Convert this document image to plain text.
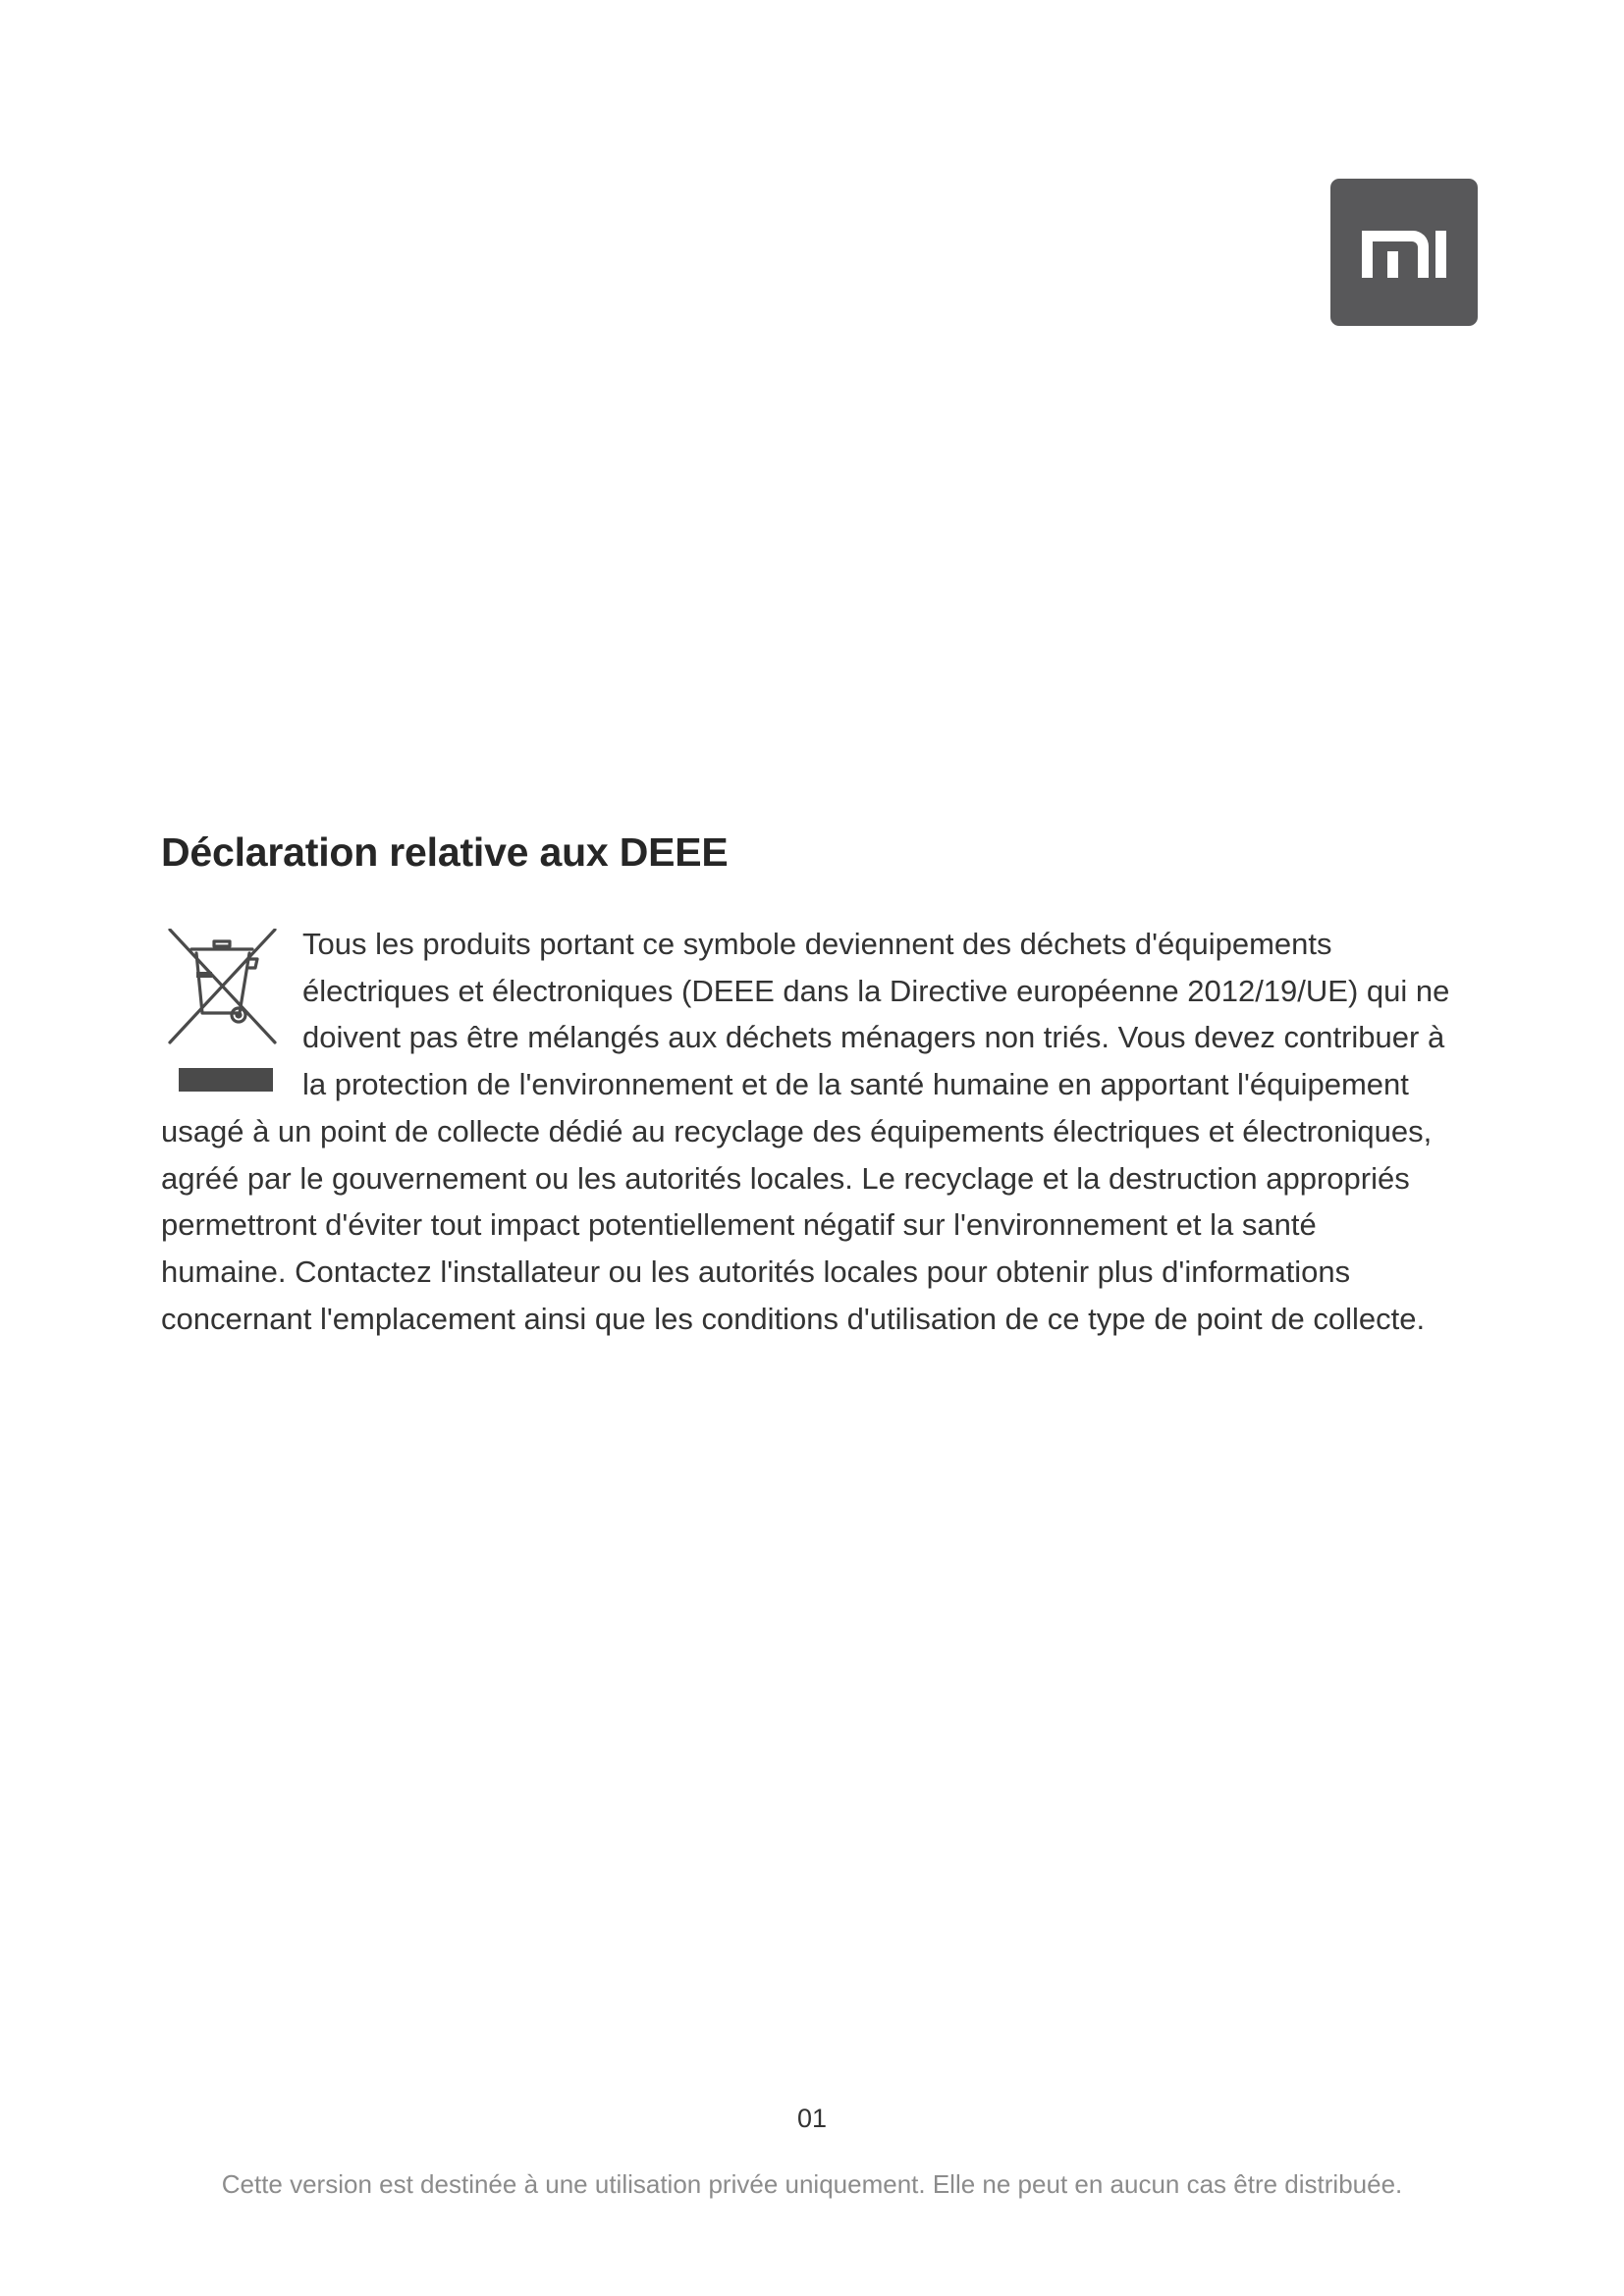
Déclaration relative aux DEEE

Tous les produits portant ce symbole deviennent des déchets d'équipements
électriques et électroniques (DEEE dans la Directive européenne 2012/19/UE) qui ne
doivent pas être mélangés aux déchets ménagers non triés. Vous devez contribuer à
la protection de l'environnement et de la santé humaine en apportant l'équipement
usagé à un point de collecte dédié au recyclage des équipements électriques et électroniques,
agréé par le gouvernement ou les autorités locales. Le recyclage et la destruction appropriés
permettront d'éviter tout impact potentiellement négatif sur l'environnement et la santé
humaine. Contactez l'installateur ou les autorités locales pour obtenir plus d'informations
concernant l'emplacement ainsi que les conditions d'utilisation de ce type de point de collecte.

01
Cette version est destinée à une utilisation privée uniquement. Elle ne peut en aucun cas être distribuée.
